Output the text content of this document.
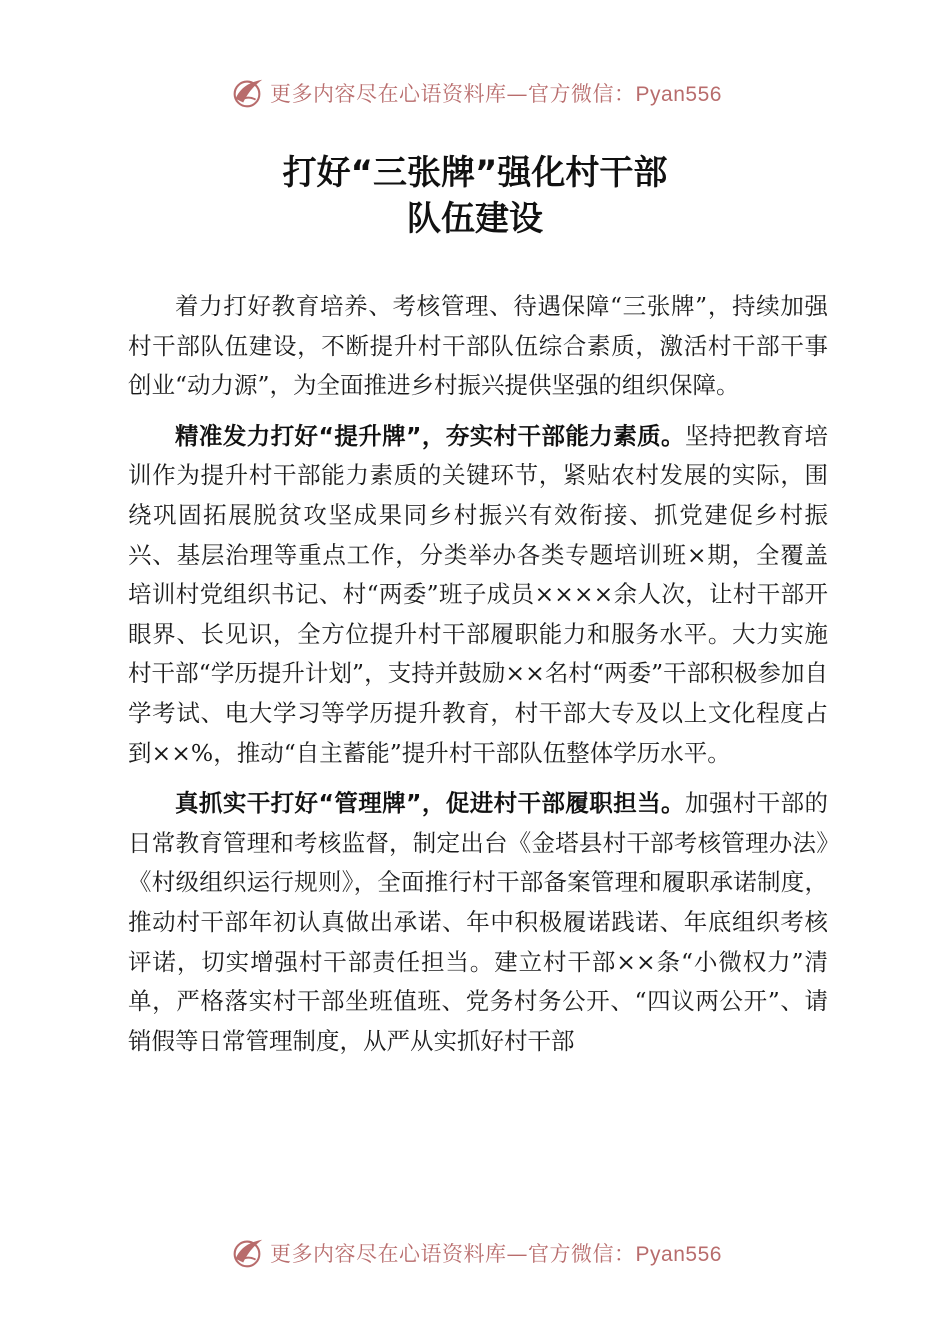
更多内容尽在心语资料库—官方微信：Pyan556
打好“三张牌”强化村干部
队伍建设

着力打好教育培养、考核管理、待遇保障“三张牌”，持续加强村干部队伍建设，不断提升村干部队伍综合素质，激活村干部干事创业“动力源”，为全面推进乡村振兴提供坚强的组织保障。

精准发力打好“提升牌”，夯实村干部能力素质。坚持把教育培训作为提升村干部能力素质的关键环节，紧贴农村发展的实际，围绕巩固拓展脱贫攻坚成果同乡村振兴有效衔接、抓党建促乡村振兴、基层治理等重点工作，分类举办各类专题培训班×期，全覆盖培训村党组织书记、村“两委”班子成员××××余人次，让村干部开眼界、长见识，全方位提升村干部履职能力和服务水平。大力实施村干部“学历提升计划”，支持并鼓励××名村“两委”干部积极参加自学考试、电大学习等学历提升教育，村干部大专及以上文化程度占到××%，推动“自主蓄能”提升村干部队伍整体学历水平。

真抓实干打好“管理牌”，促进村干部履职担当。加强村干部的日常教育管理和考核监督，制定出台《金塔县村干部考核管理办法》《村级组织运行规则》，全面推行村干部备案管理和履职承诺制度，推动村干部年初认真做出承诺、年中积极履诺践诺、年底组织考核评诺，切实增强村干部责任担当。建立村干部××条“小微权力”清单，严格落实村干部坐班值班、党务村务公开、“四议两公开”、请销假等日常管理制度，从严从实抓好村干部

更多内容尽在心语资料库—官方微信：Pyan556
